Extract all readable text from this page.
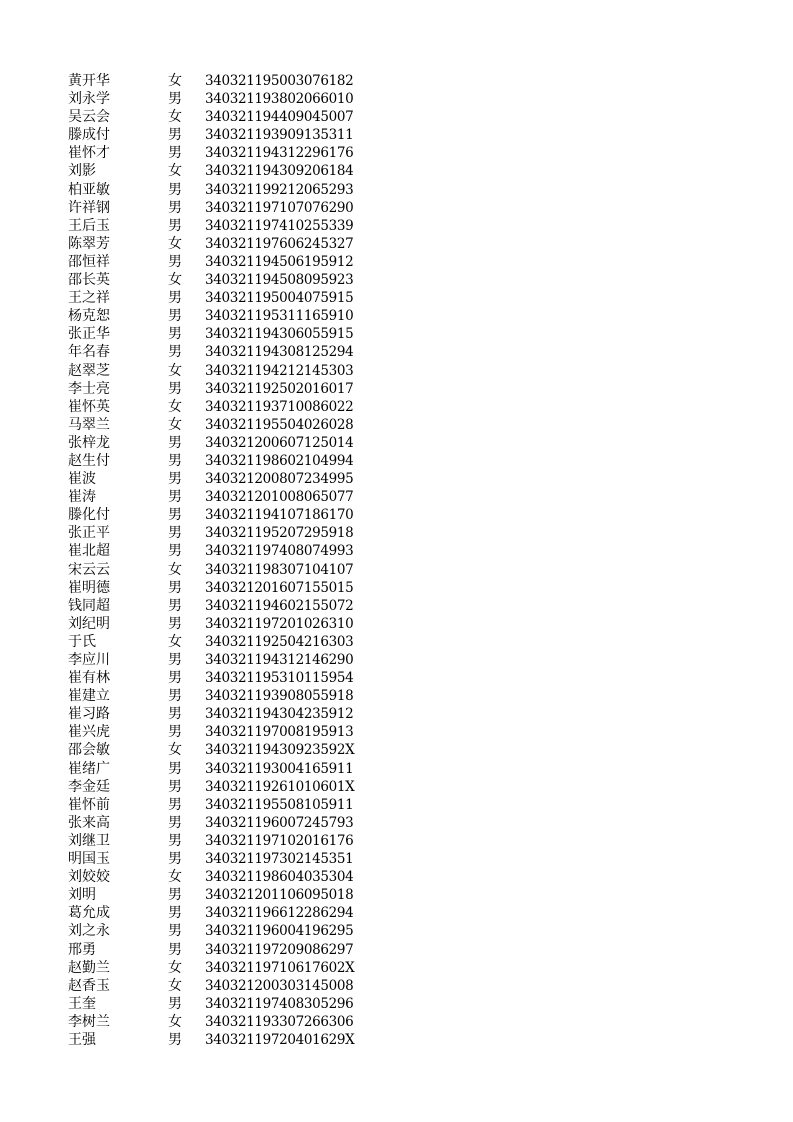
黄开华	女 340321195003076182
刘永学	男 340321193802066010
吴云会	女 340321194409045007
滕成付	男 340321193909135311
崔怀才	男 340321194312296176
刘影	女 340321194309206184
柏亚敏	男 340321199212065293
许祥钢	男 340321197107076290
王后玉	男 340321197410255339
陈翠芳	女 340321197606245327
邵恒祥	男 340321194506195912
邵长英	女 340321194508095923
王之祥	男 340321195004075915
杨克恕	男 340321195311165910
张正华	男 340321194306055915
年名春	男 340321194308125294
赵翠芝	女 340321194212145303
李士亮	男 340321192502016017
崔怀英	女 340321193710086022
马翠兰	女 340321195504026028
张梓龙	男 340321200607125014
赵生付	男 340321198602104994
崔波	男 340321200807234995
崔涛	男 340321201008065077
滕化付	男 340321194107186170
张正平	男 340321195207295918
崔北超	男 340321197408074993
宋云云	女 340321198307104107
崔明德	男 340321201607155015
钱同超	男 340321194602155072
刘纪明	男 340321197201026310
于氏	女 340321192504216303
李应川	男 340321194312146290
崔有林	男 340321195310115954
崔建立	男 340321193908055918
崔习路	男 340321194304235912
崔兴虎	男 340321197008195913
邵会敏	女 34032119430923592X
崔绪广	男 340321193004165911
李金廷	男 34032119261010601X
崔怀前	男 340321195508105911
张来高	男 340321196007245793
刘继卫	男 340321197102016176
明国玉	男 340321197302145351
刘姣姣	女 340321198604035304
刘明	男 340321201106095018
葛允成	男 340321196612286294
刘之永	男 340321196004196295
邢勇	男 340321197209086297
赵勤兰	女 34032119710617602X
赵香玉	女 340321200303145008
王奎	男 340321197408305296
李树兰	女 340321193307266306
王强	男 34032119720401629X
